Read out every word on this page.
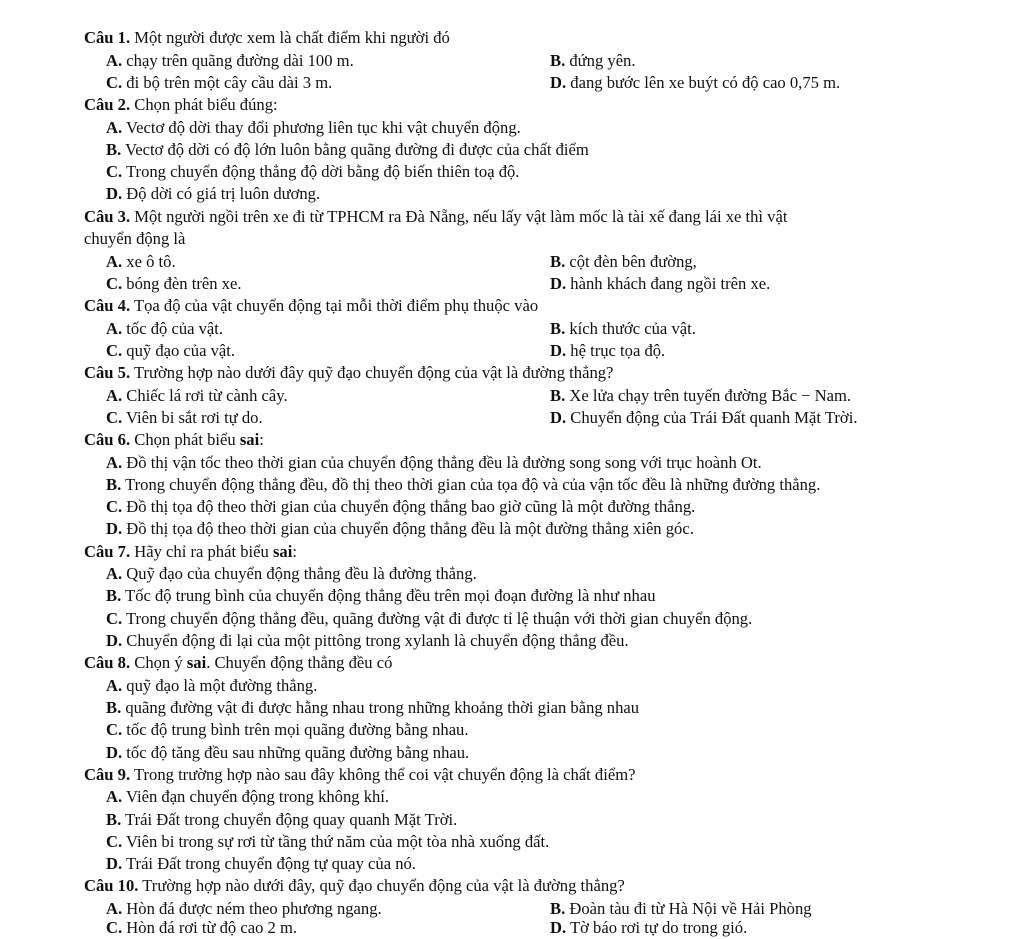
Câu 1. Một người được xem là chất điểm khi người đó
A. chạy trên quãng đường dài 100 m.	B. đứng yên.
C. đi bộ trên một cây cầu dài 3 m.	D. đang bước lên xe buýt có độ cao 0,75 m.
Câu 2. Chọn phát biểu đúng:
A. Vectơ độ dời thay đổi phương liên tục khi vật chuyển động.
B. Vectơ độ dời có độ lớn luôn bằng quãng đường đi được của chất điểm
C. Trong chuyển động thẳng độ dời bằng độ biến thiên toạ độ.
D. Độ dời có giá trị luôn dương.
Câu 3. Một người ngồi trên xe đi từ TPHCM ra Đà Nẵng, nếu lấy vật làm mốc là tài xế đang lái xe thì vật
chuyển động là
A. xe ô tô.	B. cột đèn bên đường,
C. bóng đèn trên xe.	D. hành khách đang ngồi trên xe.
Câu 4. Tọa độ của vật chuyển động tại mỗi thời điểm phụ thuộc vào
A. tốc độ của vật.	B. kích thước của vật.
C. quỹ đạo của vật.	D. hệ trục tọa độ.
Câu 5. Trường hợp nào dưới đây quỹ đạo chuyển động của vật là đường thẳng?
A. Chiếc lá rơi từ cành cây.	B. Xe lửa chạy trên tuyến đường Bắc − Nam.
C. Viên bi sắt rơi tự do.	D. Chuyển động của Trái Đất quanh Mặt Trời.
Câu 6. Chọn phát biểu sai:
A. Đồ thị vận tốc theo thời gian của chuyển động thẳng đều là đường song song với trục hoành Ot.
B. Trong chuyển động thẳng đều, đồ thị theo thời gian của tọa độ và của vận tốc đều là những đường thẳng.
C. Đồ thị tọa độ theo thời gian của chuyển động thẳng bao giờ cũng là một đường thẳng.
D. Đồ thị tọa độ theo thời gian của chuyển động thẳng đều là một đường thẳng xiên góc.
Câu 7. Hãy chỉ ra phát biểu sai:
A. Quỹ đạo của chuyển động thẳng đều là đường thẳng.
B. Tốc độ trung bình của chuyển động thẳng đều trên mọi đoạn đường là như nhau
C. Trong chuyển động thẳng đều, quãng đường vật đi được tỉ lệ thuận với thời gian chuyển động.
D. Chuyển động đi lại của một pittông trong xylanh là chuyển động thẳng đều.
Câu 8. Chọn ý sai. Chuyển động thẳng đều có
A. quỹ đạo là một đường thẳng.
B. quãng đường vật đi được hằng nhau trong những khoảng thời gian bằng nhau
C. tốc độ trung bình trên mọi quãng đường bằng nhau.
D. tốc độ tăng đều sau những quãng đường bằng nhau.
Câu 9. Trong trường hợp nào sau đây không thể coi vật chuyển động là chất điểm?
A. Viên đạn chuyển động trong không khí.
B. Trái Đất trong chuyển động quay quanh Mặt Trời.
C. Viên bi trong sự rơi từ tầng thứ năm của một tòa nhà xuống đất.
D. Trái Đất trong chuyển động tự quay của nó.
Câu 10. Trường hợp nào dưới đây, quỹ đạo chuyển động của vật là đường thẳng?
A. Hòn đá được ném theo phương ngang.	B. Đoàn tàu đi từ Hà Nội về Hải Phòng
C. Hòn đá rơi từ độ cao 2 m.	D. Tờ báo rơi tự do trong gió.
